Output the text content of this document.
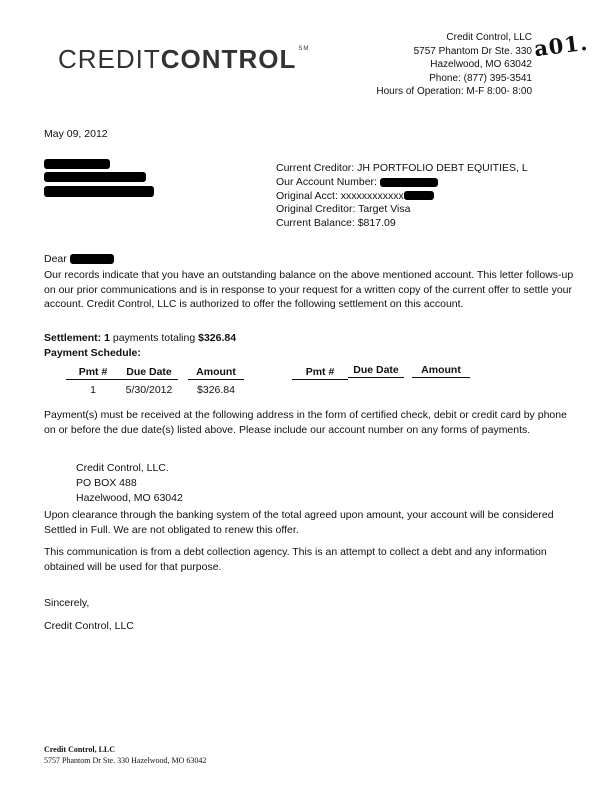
CREDITCONTROL ℠
Credit Control, LLC
5757 Phantom Dr Ste. 330
Hazelwood, MO 63042
Phone: (877) 395-3541
Hours of Operation: M-F 8:00- 8:00
a01.
May 09, 2012
Current Creditor: JH PORTFOLIO DEBT EQUITIES, L
Our Account Number:
Original Acct: xxxxxxxxxxxx
Original Creditor: Target Visa
Current Balance: $817.09
Dear
Our records indicate that you have an outstanding balance on the above mentioned account. This letter follows-up on our prior communications and is in response to your request for a written copy of the current offer to settle your account. Credit Control, LLC is authorized to offer the following settlement on this account.
Settlement: 1 payments totaling $326.84
Payment Schedule:
Pmt #	Due Date	Amount
1	5/30/2012	$326.84
Pmt #	Due Date	Amount
Payment(s) must be received at the following address in the form of certified check, debit or credit card by phone on or before the due date(s) listed above. Please include our account number on any forms of payments.
Credit Control, LLC.
PO BOX 488
Hazelwood, MO 63042
Upon clearance through the banking system of the total agreed upon amount, your account will be considered Settled in Full. We are not obligated to renew this offer.
This communication is from a debt collection agency. This is an attempt to collect a debt and any information obtained will be used for that purpose.
Sincerely,
Credit Control, LLC
Credit Control, LLC
5757 Phantom Dr Ste. 330 Hazelwood, MO 63042
